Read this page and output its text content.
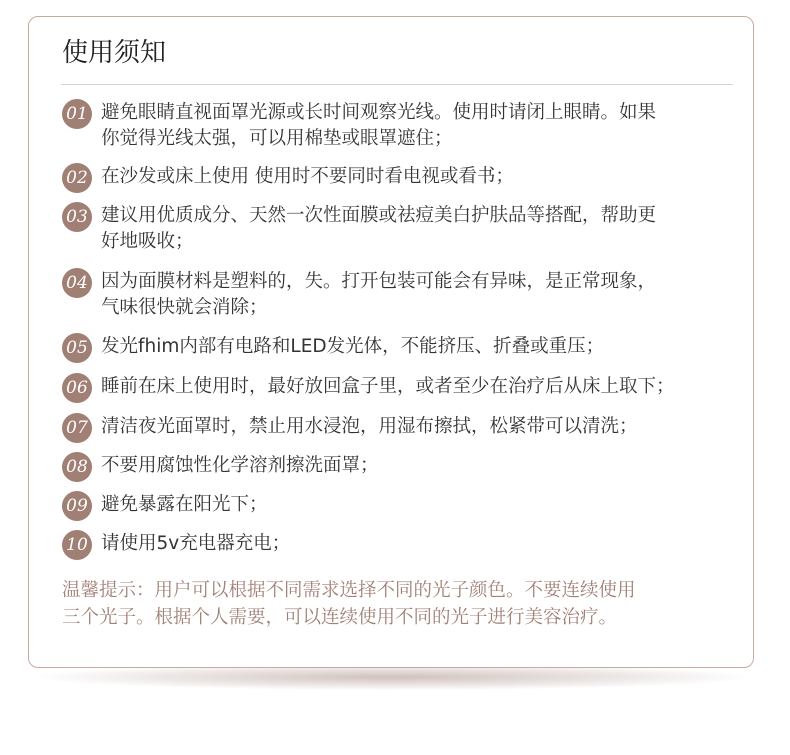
使用须知
01 避免眼睛直视面罩光源或长时间观察光线。使用时请闭上眼睛。如果
你觉得光线太强，可以用棉垫或眼罩遮住；
02 在沙发或床上使用 使用时不要同时看电视或看书；
03 建议用优质成分、天然一次性面膜或祛痘美白护肤品等搭配，帮助更
好地吸收；
04 因为面膜材料是塑料的，失。打开包装可能会有异味，是正常现象，
气味很快就会消除；
05 发光fhim内部有电路和LED发光体，不能挤压、折叠或重压；
06 睡前在床上使用时，最好放回盒子里，或者至少在治疗后从床上取下；
07 清洁夜光面罩时，禁止用水浸泡，用湿布擦拭，松紧带可以清洗；
08 不要用腐蚀性化学溶剂擦洗面罩；
09 避免暴露在阳光下；
10 请使用5v充电器充电；
温馨提示：用户可以根据不同需求选择不同的光子颜色。不要连续使用
三个光子。根据个人需要，可以连续使用不同的光子进行美容治疗。
